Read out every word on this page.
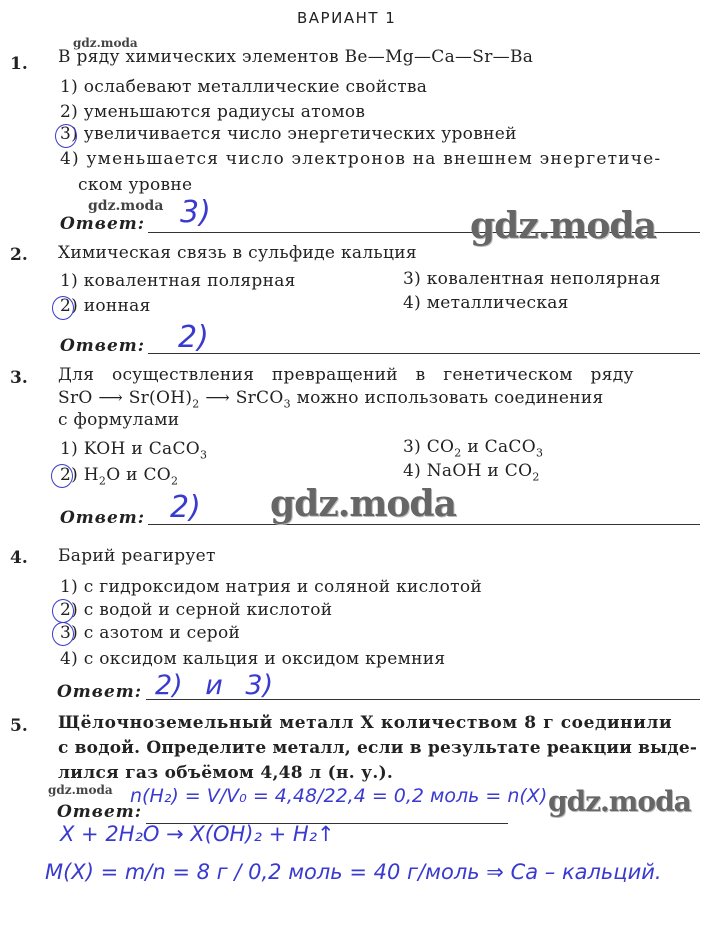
ВАРИАНТ 1
gdz.moda
1. В ряду химических элементов Be—Mg—Ca—Sr—Ba
1) ослабевают металлические свойства
2) уменьшаются радиусы атомов
3) увеличивается число энергетических уровней
4) уменьшается число электронов на внешнем энергетиче-
ском уровне
gdz.moda
Ответ: 3)	gdz.moda
2. Химическая связь в сульфиде кальция
1) ковалентная полярная
2) ионная
3) ковалентная неполярная
4) металлическая
Ответ: 2)
3. Для осуществления превращений в генетическом ряду
SrO ⟶ $Sr(OH)_2$ ⟶ SrCO$_3$ можно использовать соединения
с формулами
1) KOH и CaCO$_3$
2) $H_2O$ и $CO_2$
3) $CO_2$ и CaCO$_3$
4) NaOH и $CO_2$
Ответ: 2) gdz.moda
4. Барий реагирует
1) с гидроксидом натрия и соляной кислотой
2) с водой и серной кислотой
3) с азотом и серой
4) с оксидом кальция и оксидом кремния
Ответ: 2) и 3)
5. Щёлочноземельный металл X количеством 8 г соединили
с водой. Определите металл, если в результате реакции выде-
лился газ объёмом 4,48 л (н. у.).
gdz.moda
Ответ:
n(H₂) = V/V₀ = 4,48/22,4 = 0,2 моль = n(X) gdz.moda
X + 2H₂O → X(OH)₂ + H₂↑
M(X) = m/n = 8 г / 0,2 моль = 40 г/моль ⇒ Ca – кальций.
